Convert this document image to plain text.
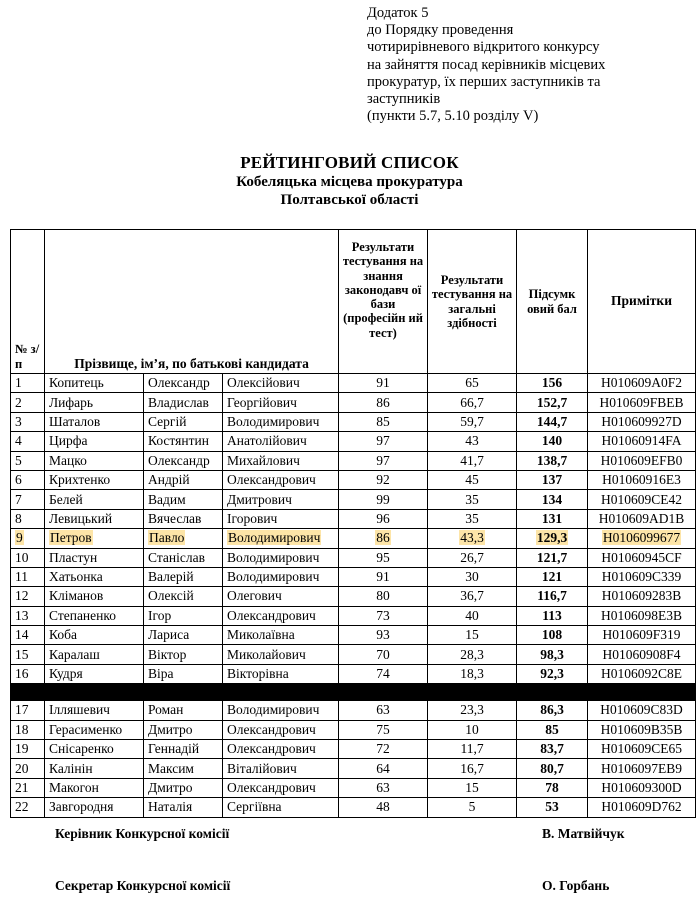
Додаток 5
до Порядку проведення
чотирирівневого відкритого конкурсу
на зайняття посад керівників місцевих
прокуратур, їх перших заступників та
заступників
(пункти 5.7, 5.10 розділу V)
РЕЙТИНГОВИЙ СПИСОК
Кобеляцька місцева прокуратура
Полтавської області
№ з/п	Прізвище, ім’я, по батькові кандидата			Результати тестування на знання законодавч ої бази (професійн ий тест)	Результати тестування на загальні здібності	Підсумк овий бал	Примітки
1	Копитець	Олександр	Олексійович	91	65	156	H010609A0F2
2	Лифарь	Владислав	Георгійович	86	66,7	152,7	H010609FBEB
3	Шаталов	Сергій	Володимирович	85	59,7	144,7	H010609927D
4	Цирфа	Костянтин	Анатолійович	97	43	140	H01060914FA
5	Мацко	Олександр	Михайлович	97	41,7	138,7	H010609EFB0
6	Крихтенко	Андрій	Олександрович	92	45	137	H01060916E3
7	Белей	Вадим	Дмитрович	99	35	134	H010609CE42
8	Левицький	Вячеслав	Ігорович	96	35	131	H010609AD1B
9	Петров	Павло	Володимирович	86	43,3	129,3	H0106099677
10	Пластун	Станіслав	Володимирович	95	26,7	121,7	H01060945CF
11	Хатьонка	Валерій	Володимирович	91	30	121	H010609C339
12	Кліманов	Олексій	Олегович	80	36,7	116,7	H010609283B
13	Степаненко	Ігор	Олександрович	73	40	113	H0106098E3B
14	Коба	Лариса	Миколаївна	93	15	108	H010609F319
15	Каралаш	Віктор	Миколайович	70	28,3	98,3	H01060908F4
16	Кудря	Віра	Вікторівна	74	18,3	92,3	H0106092C8E

17	Ілляшевич	Роман	Володимирович	63	23,3	86,3	H010609C83D
18	Герасименко	Дмитро	Олександрович	75	10	85	H010609B35B
19	Снісаренко	Геннадій	Олександрович	72	11,7	83,7	H010609CE65
20	Калінін	Максим	Віталійович	64	16,7	80,7	H0106097EB9
21	Макогон	Дмитро	Олександрович	63	15	78	H010609300D
22	Завгородня	Наталія	Сергіївна	48	5	53	H010609D762
Керівник Конкурсної комісії	В. Матвійчук
Секретар Конкурсної комісії	О. Горбань
